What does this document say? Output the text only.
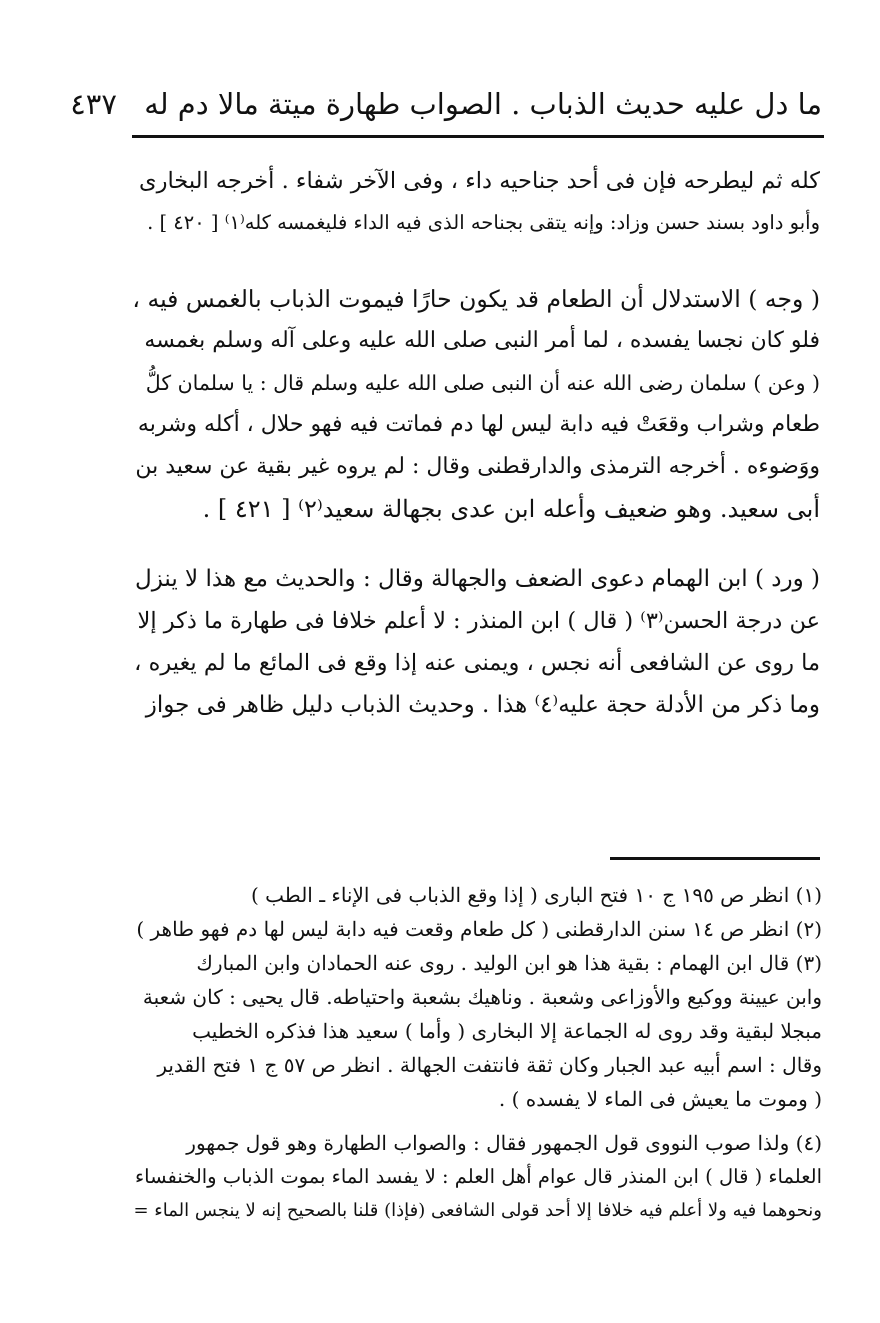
ما دل عليه حديث الذباب . الصواب طهارة ميتة مالا دم له ٤٣٧
كله ثم ليطرحه فإن فى أحد جناحيه داء ، وفى الآخر شفاء . أخرجه البخارى
وأبو داود بسند حسن وزاد: وإنه يتقى بجناحه الذى فيه الداء فليغمسه كله⁽١⁾ [ ٤٢٠ ] .
( وجه ) الاستدلال أن الطعام قد يكون حارًا فيموت الذباب بالغمس فيه ،
فلو كان نجسا يفسده ، لما أمر النبى صلى الله عليه وعلى آله وسلم بغمسه
( وعن ) سلمان رضى الله عنه أن النبى صلى الله عليه وسلم قال : يا سلمان كلُّ
طعام وشراب وقعَتْ فيه دابة ليس لها دم فماتت فيه فهو حلال ، أكله وشربه
ووَضوءه . أخرجه الترمذى والدارقطنى وقال : لم يروه غير بقية عن سعيد بن
أبى سعيد. وهو ضعيف وأعله ابن عدى بجهالة سعيد⁽٢⁾ [ ٤٢١ ] .
( ورد ) ابن الهمام دعوى الضعف والجهالة وقال : والحديث مع هذا لا ينزل
عن درجة الحسن⁽٣⁾ ( قال ) ابن المنذر : لا أعلم خلافا فى طهارة ما ذكر إلا
ما روى عن الشافعى أنه نجس ، ويمنى عنه إذا وقع فى المائع ما لم يغيره ،
وما ذكر من الأدلة حجة عليه⁽٤⁾ هذا . وحديث الذباب دليل ظاهر فى جواز
(١) انظر ص ١٩٥ ج ١٠ فتح البارى ( إذا وقع الذباب فى الإناء ـ الطب )
(٢) انظر ص ١٤ سنن الدارقطنى ( كل طعام وقعت فيه دابة ليس لها دم فهو طاهر )
(٣) قال ابن الهمام : بقية هذا هو ابن الوليد . روى عنه الحمادان وابن المبارك
وابن عيينة ووكيع والأوزاعى وشعبة . وناهيك بشعبة واحتياطه. قال يحيى : كان شعبة
مبجلا لبقية وقد روى له الجماعة إلا البخارى ( وأما ) سعيد هذا فذكره الخطيب
وقال : اسم أبيه عبد الجبار وكان ثقة فانتفت الجهالة . انظر ص ٥٧ ج ١ فتح القدير
( وموت ما يعيش فى الماء لا يفسده ) .
(٤) ولذا صوب النووى قول الجمهور فقال : والصواب الطهارة وهو قول جمهور
العلماء ( قال ) ابن المنذر قال عوام أهل العلم : لا يفسد الماء بموت الذباب والخنفساء
ونحوهما فيه ولا أعلم فيه خلافا إلا أحد قولى الشافعى (فإذا) قلنا بالصحيح إنه لا ينجس الماء =
